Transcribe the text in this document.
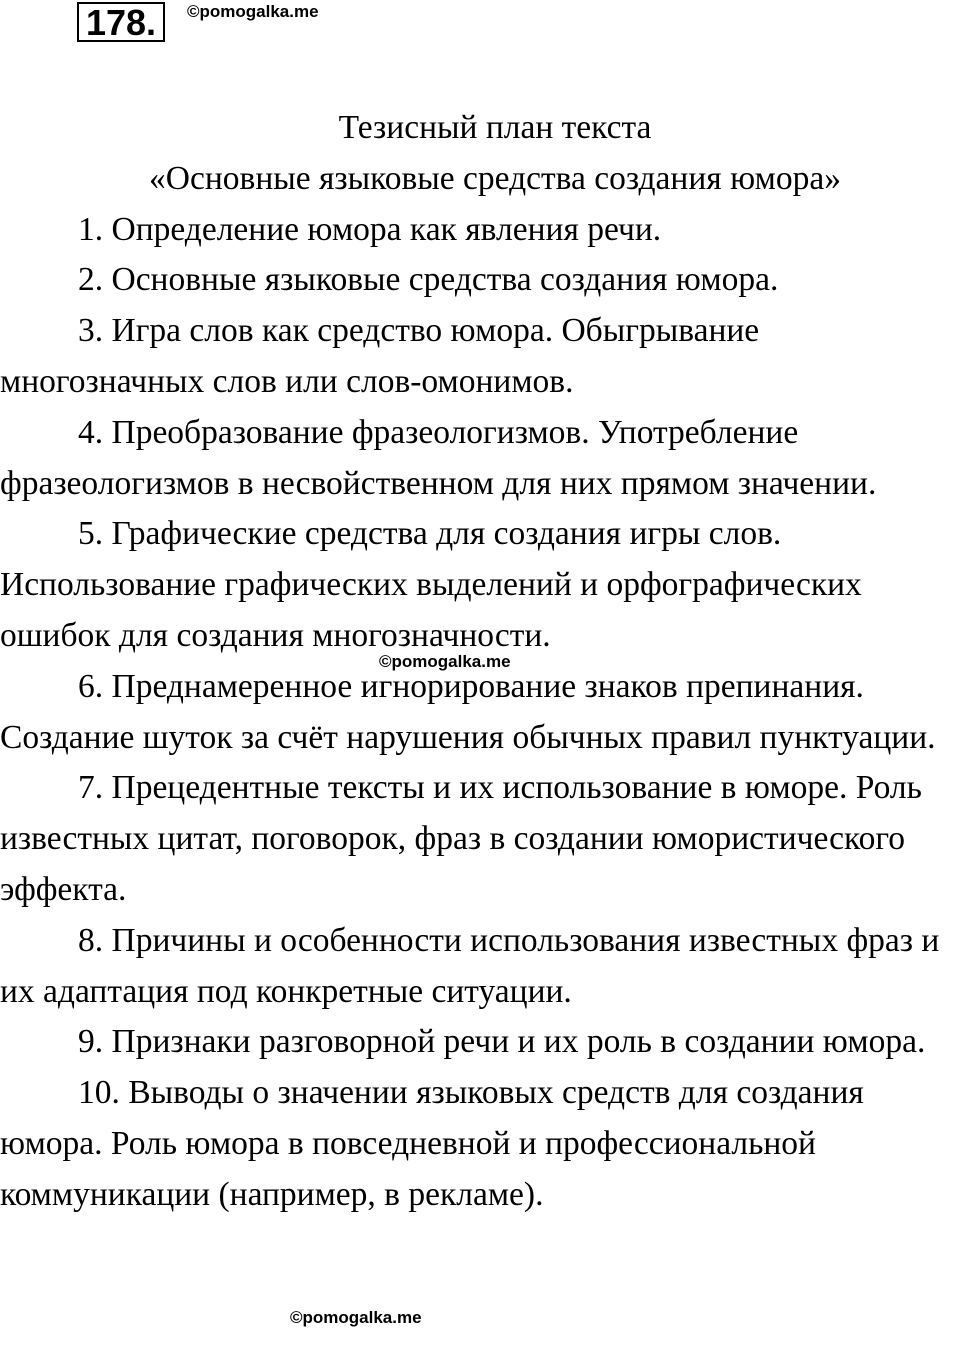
178.	©pomogalka.me

Тезисный план текста

«Основные языковые средства создания юмора»

1. Определение юмора как явления речи.

2. Основные языковые средства создания юмора.

3. Игра слов как средство юмора. Обыгрывание многозначных слов или слов-омонимов.

4. Преобразование фразеологизмов. Употребление фразеологизмов в несвойственном для них прямом значении.

5. Графические средства для создания игры слов. Использование графических выделений и орфографических ошибок для создания многозначности.

6. Преднамеренное игнорирование знаков препинания. Создание шуток за счёт нарушения обычных правил пунктуации.

7. Прецедентные тексты и их использование в юморе. Роль известных цитат, поговорок, фраз в создании юмористического эффекта.

8. Причины и особенности использования известных фраз и их адаптация под конкретные ситуации.

9. Признаки разговорной речи и их роль в создании юмора.

10. Выводы о значении языковых средств для создания юмора. Роль юмора в повседневной и профессиональной коммуникации (например, в рекламе).

©pomogalka.me
©pomogalka.me
